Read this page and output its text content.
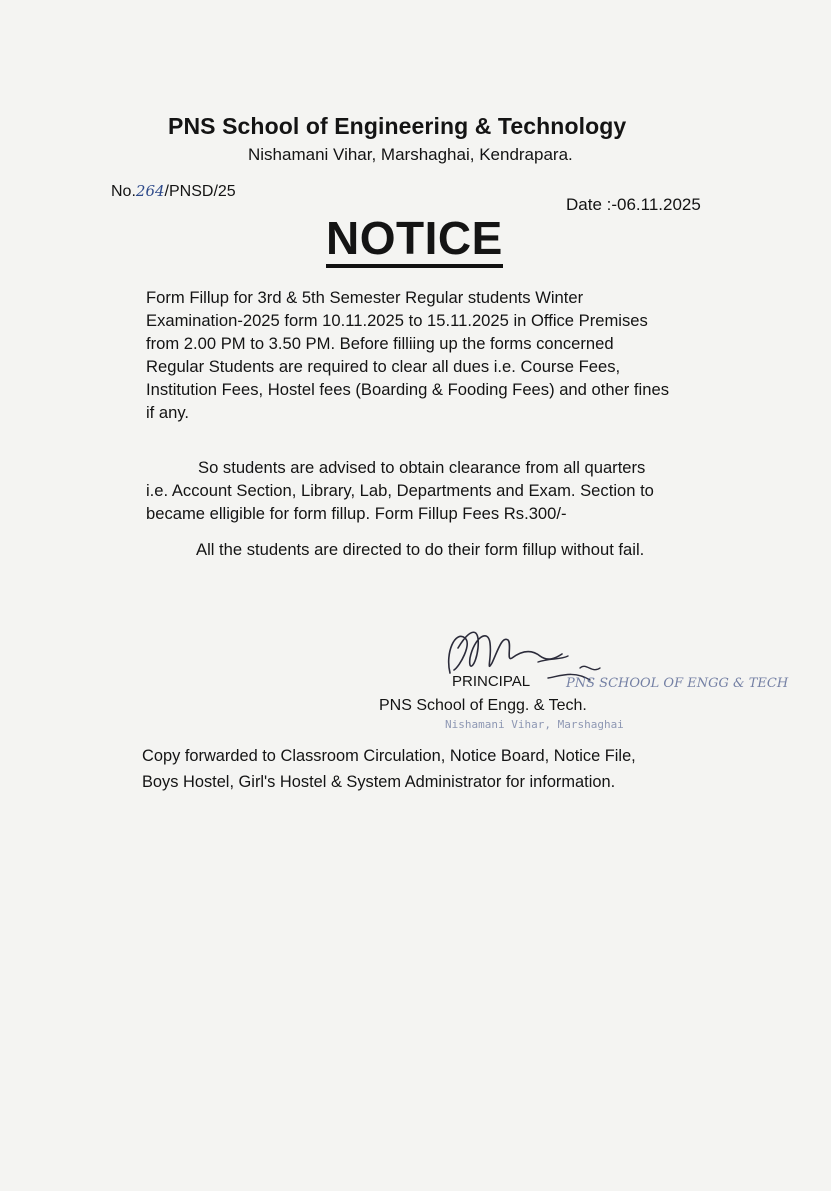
PNS School of Engineering & Technology
Nishamani Vihar, Marshaghai, Kendrapara.
No.264/PNSD/25
Date :-06.11.2025
NOTICE
Form Fillup for 3rd & 5th Semester Regular students Winter
Examination-2025 form 10.11.2025 to 15.11.2025 in Office Premises
from 2.00 PM to 3.50 PM. Before filliing up the forms concerned
Regular Students are required to clear all dues i.e. Course Fees,
Institution Fees, Hostel fees (Boarding & Fooding Fees) and other fines
if any.
So students are advised to obtain clearance from all quarters
i.e. Account Section, Library, Lab, Departments and Exam. Section to
became elligible for form fillup. Form Fillup Fees Rs.300/-
All the students are directed to do their form fillup without fail.
PRINCIPAL	PNS SCHOOL OF ENGG & TECH
PNS School of Engg. & Tech.
Nishamani Vihar, Marshaghai
Copy forwarded to Classroom Circulation, Notice Board, Notice File,
Boys Hostel, Girl's Hostel & System Administrator for information.
